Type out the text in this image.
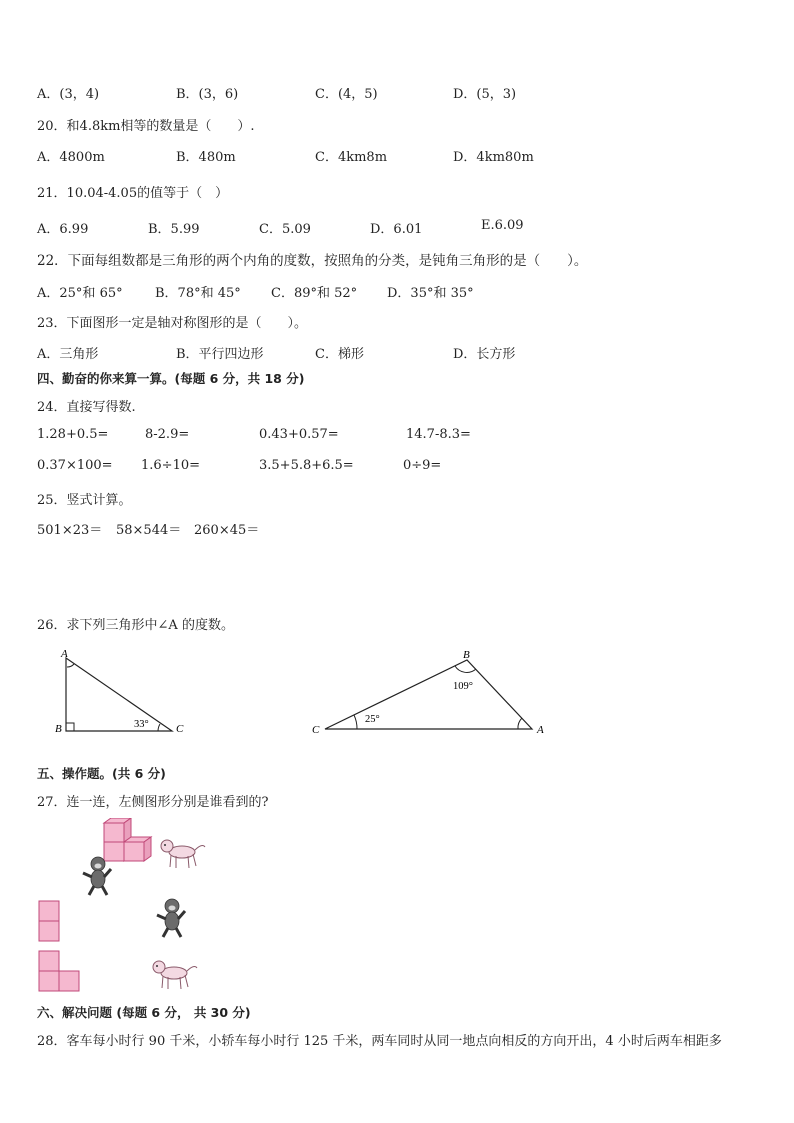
A．(3，4)	B．(3，6)	C．(4，5)	D．(5，3)
20．和4.8km相等的数量是（　　）.
A．4800m	B．480m	C．4km8m	D．4km80m
21．10.04-4.05的值等于（　）
A．6.99	B．5.99	C．5.09	D．6.01	E.6.09
22．下面每组数都是三角形的两个内角的度数，按照角的分类，是钝角三角形的是（　　）。
A．25°和 65° B．78°和 45° C．89°和 52° D．35°和 35°
23．下面图形一定是轴对称图形的是（　　）。
A．三角形	B．平行四边形	C．梯形	D．长方形
四、勤奋的你来算一算。(每题 6 分，共 18 分)
24．直接写得数.
1.28+0.5=	8-2.9=	0.43+0.57=	14.7-8.3=
0.37×100= 1.6÷10=	3.5+5.8+6.5=	0÷9=
25．竖式计算。
501×23＝ 58×544＝ 260×45＝
26．求下列三角形中∠A 的度数。
A
B	C
33°
B
C	A
109°
25°
五、操作题。(共 6 分)
27．连一连，左侧图形分别是谁看到的?
六、解决问题 (每题 6 分， 共 30 分)
28．客车每小时行 90 千米，小轿车每小时行 125 千米，两车同时从同一地点向相反的方向开出，4 小时后两车相距多
